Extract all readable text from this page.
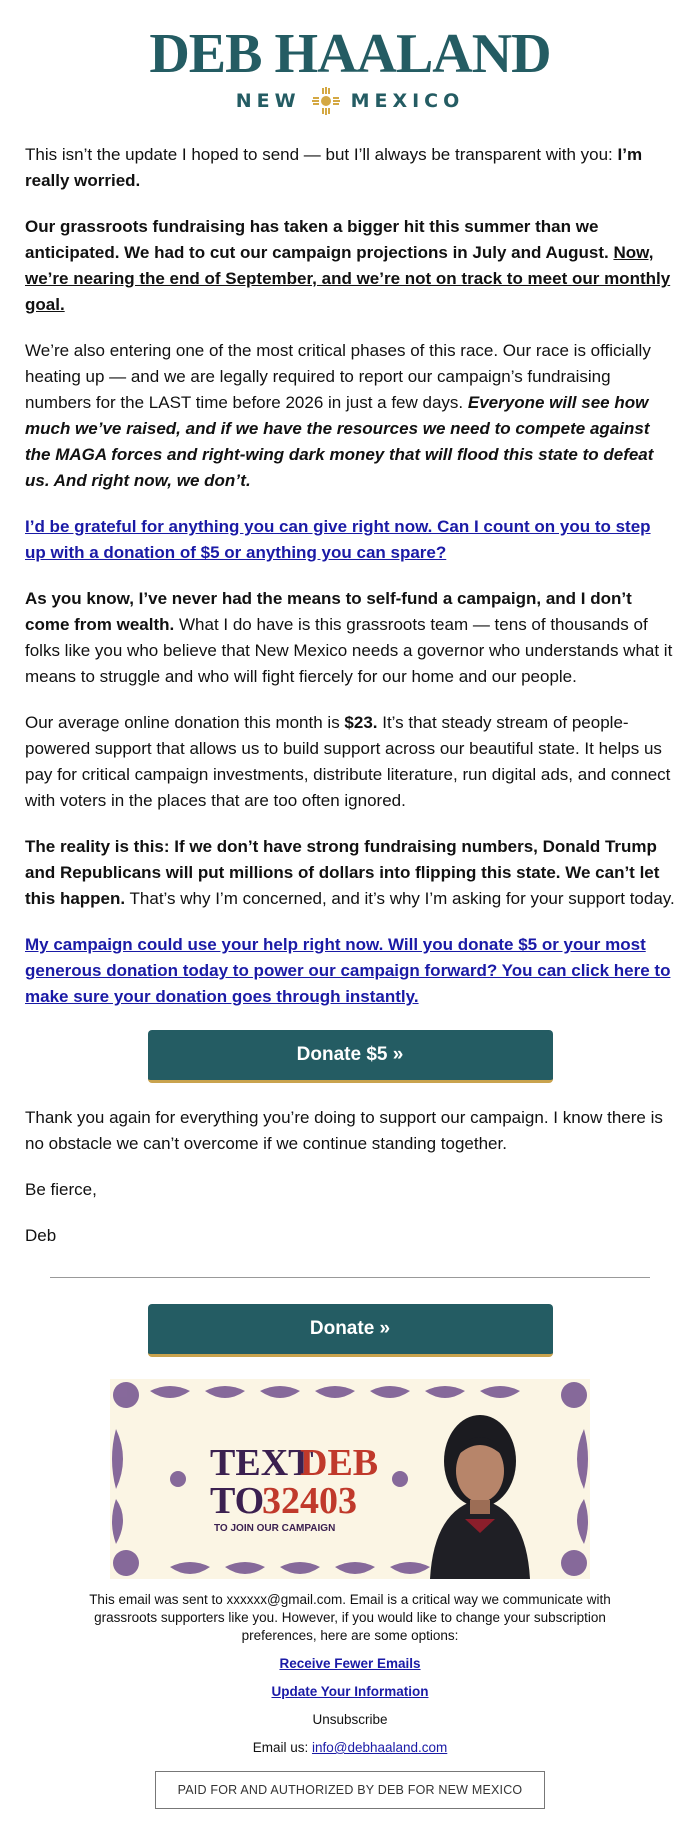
DEB HAALAND
NEW	MEXICO

This isn’t the update I hoped to send — but I’ll always be transparent with you: I’m really worried.

Our grassroots fundraising has taken a bigger hit this summer than we anticipated. We had to cut our campaign projections in July and August. Now, we’re nearing the end of September, and we’re not on track to meet our monthly goal.

We’re also entering one of the most critical phases of this race. Our race is officially heating up — and we are legally required to report our campaign’s fundraising numbers for the LAST time before 2026 in just a few days. Everyone will see how much we’ve raised, and if we have the resources we need to compete against the MAGA forces and right-wing dark money that will flood this state to defeat us. And right now, we don’t.

I’d be grateful for anything you can give right now. Can I count on you to step up with a donation of $5 or anything you can spare?

As you know, I’ve never had the means to self-fund a campaign, and I don’t come from wealth. What I do have is this grassroots team — tens of thousands of folks like you who believe that New Mexico needs a governor who understands what it means to struggle and who will fight fiercely for our home and our people.

Our average online donation this month is $23. It’s that steady stream of people-powered support that allows us to build support across our beautiful state. It helps us pay for critical campaign investments, distribute literature, run digital ads, and connect with voters in the places that are too often ignored.

The reality is this: If we don’t have strong fundraising numbers, Donald Trump and Republicans will put millions of dollars into flipping this state. We can’t let this happen. That’s why I’m concerned, and it’s why I’m asking for your support today.

My campaign could use your help right now. Will you donate $5 or your most generous donation today to power our campaign forward? You can click here to make sure your donation goes through instantly.

Donate $5 »

Thank you again for everything you’re doing to support our campaign. I know there is no obstacle we can’t overcome if we continue standing together.

Be fierce,

Deb

Donate »
TEXT
DEB
TO
32403
TO JOIN OUR CAMPAIGN

This email was sent to xxxxxx@gmail.com. Email is a critical way we communicate with grassroots supporters like you. However, if you would like to change your subscription preferences, here are some options:

Receive Fewer Emails

Update Your Information

Unsubscribe

Email us: info@debhaaland.com

PAID FOR AND AUTHORIZED BY DEB FOR NEW MEXICO
